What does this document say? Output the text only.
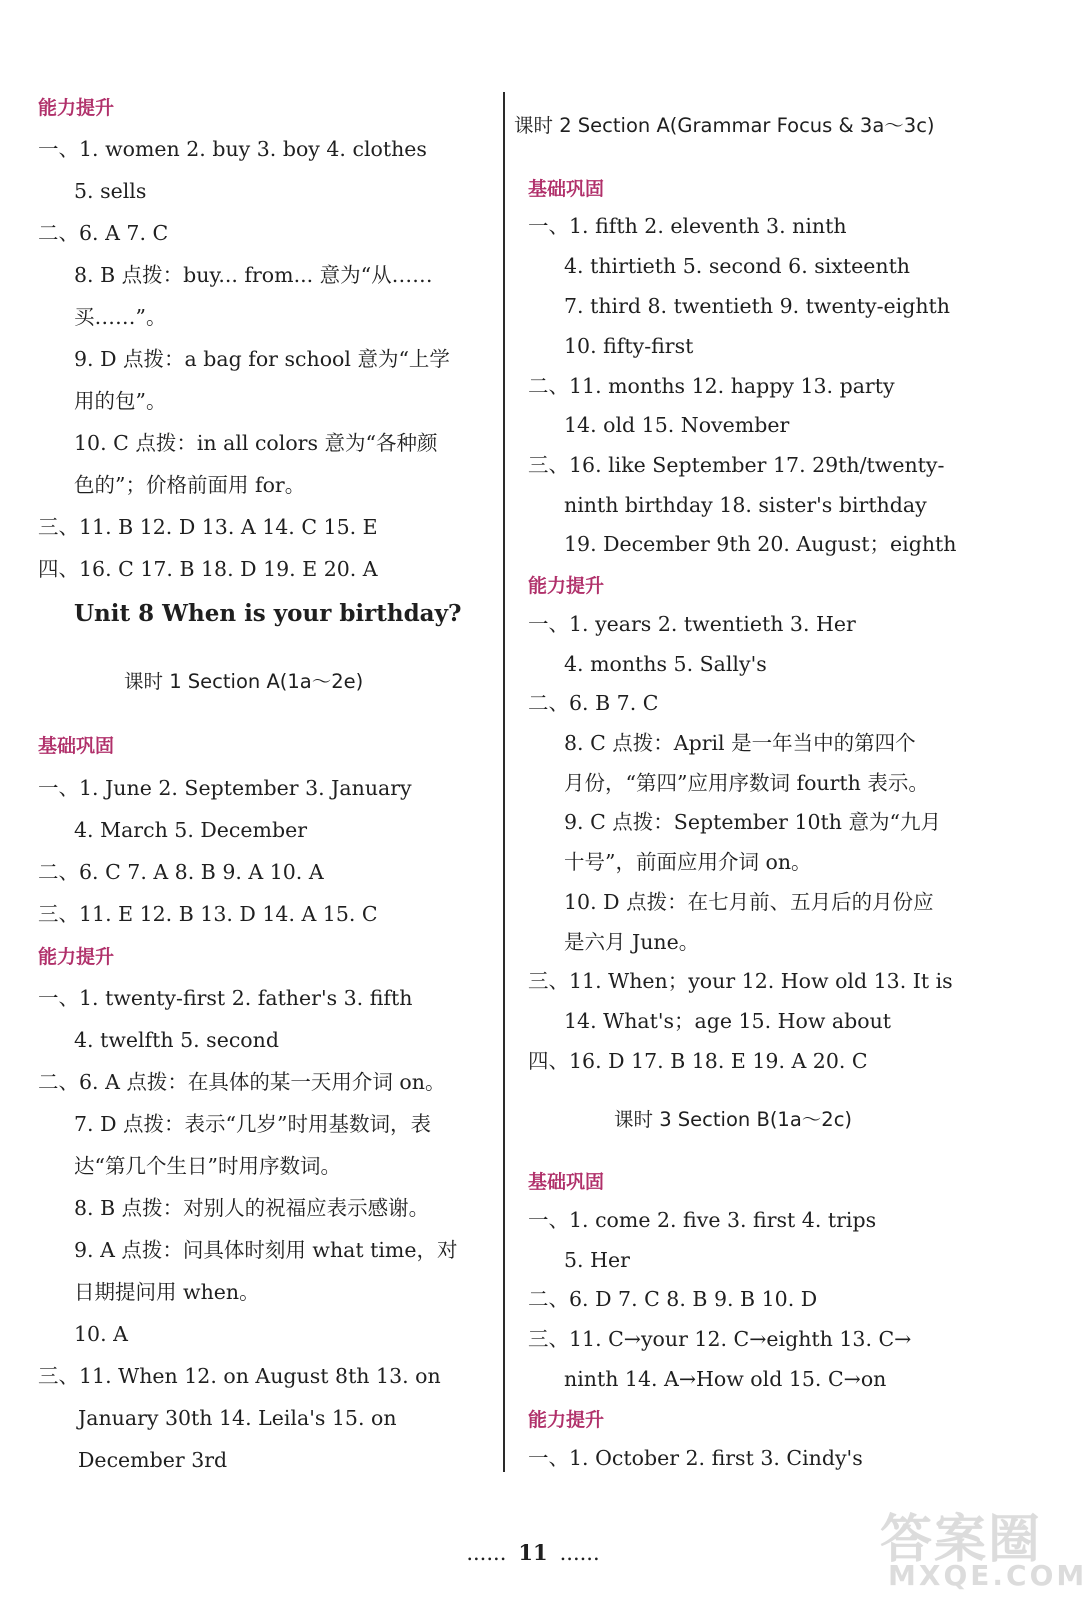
能力提升
一、1. women 2. buy 3. boy 4. clothes
5. sells
二、6. A 7. C
8. B 点拨：buy... from... 意为“从……
买……”。
9. D 点拨：a bag for school 意为“上学
用的包”。
10. C 点拨：in all colors 意为“各种颜
色的”；价格前面用 for。
三、11. B 12. D 13. A 14. C 15. E
四、16. C 17. B 18. D 19. E 20. A
Unit 8 When is your birthday?
课时 1 Section A(1a～2e)
基础巩固
一、1. June 2. September 3. January
4. March 5. December
二、6. C 7. A 8. B 9. A 10. A
三、11. E 12. B 13. D 14. A 15. C
能力提升
一、1. twenty-first 2. father's 3. fifth
4. twelfth 5. second
二、6. A 点拨：在具体的某一天用介词 on。
7. D 点拨：表示“几岁”时用基数词，表
达“第几个生日”时用序数词。
8. B 点拨：对别人的祝福应表示感谢。
9. A 点拨：问具体时刻用 what time，对
日期提问用 when。
10. A
三、11. When 12. on August 8th 13. on
January 30th 14. Leila's 15. on
December 3rd
课时 2 Section A(Grammar Focus & 3a～3c)
基础巩固
一、1. fifth 2. eleventh 3. ninth
4. thirtieth 5. second 6. sixteenth
7. third 8. twentieth 9. twenty-eighth
10. fifty-first
二、11. months 12. happy 13. party
14. old 15. November
三、16. like September 17. 29th/twenty-
ninth birthday 18. sister's birthday
19. December 9th 20. August；eighth
能力提升
一、1. years 2. twentieth 3. Her
4. months 5. Sally's
二、6. B 7. C
8. C 点拨：April 是一年当中的第四个
月份，“第四”应用序数词 fourth 表示。
9. C 点拨：September 10th 意为“九月
十号”，前面应用介词 on。
10. D 点拨：在七月前、五月后的月份应
是六月 June。
三、11. When；your 12. How old 13. It is
14. What's；age 15. How about
四、16. D 17. B 18. E 19. A 20. C
课时 3 Section B(1a～2c)
基础巩固
一、1. come 2. five 3. first 4. trips
5. Her
二、6. D 7. C 8. B 9. B 10. D
三、11. C→your 12. C→eighth 13. C→
ninth 14. A→How old 15. C→on
能力提升
一、1. October 2. first 3. Cindy's
...... 11 ......	答案圈
MXQE.COM
